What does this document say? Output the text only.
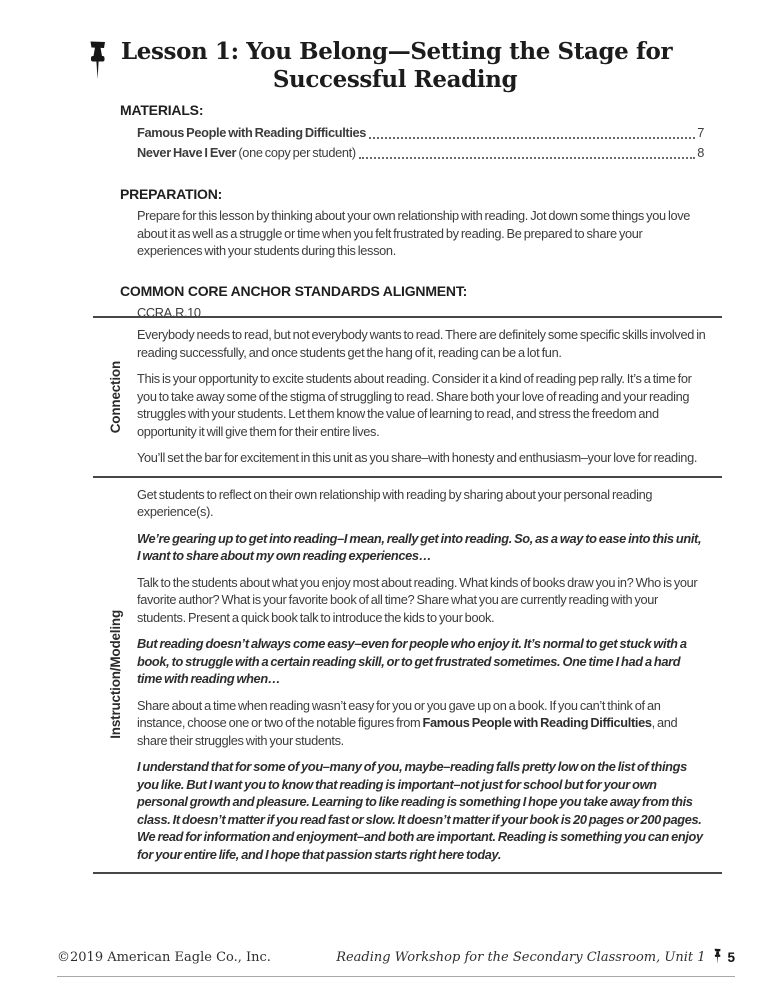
Lesson 1: You Belong—Setting the Stage for
Successful Reading
MATERIALS:
Famous People with Reading Difficulties	7
Never Have I Ever (one copy per student)	8
PREPARATION:

Prepare for this lesson by thinking about your own relationship with reading. Jot down some things you love about it as well as a struggle or time when you felt frustrated by reading. Be prepared to share your experiences with your students during this lesson.

COMMON CORE ANCHOR STANDARDS ALIGNMENT:

CCRA.R.10

Connection

Everybody needs to read, but not everybody wants to read. There are definitely some specific skills involved in reading successfully, and once students get the hang of it, reading can be a lot fun.

This is your opportunity to excite students about reading. Consider it a kind of reading pep rally. It’s a time for you to take away some of the stigma of struggling to read. Share both your love of reading and your reading struggles with your students. Let them know the value of learning to read, and stress the freedom and opportunity it will give them for their entire lives.

You’ll set the bar for excitement in this unit as you share–with honesty and enthusiasm–your love for reading.

Instruction/Modeling

Get students to reflect on their own relationship with reading by sharing about your personal reading experience(s).

We’re gearing up to get into reading–I mean, really get into reading. So, as a way to ease into this unit, I want to share about my own reading experiences…

Talk to the students about what you enjoy most about reading. What kinds of books draw you in? Who is your favorite author? What is your favorite book of all time? Share what you are currently reading with your students. Present a quick book talk to introduce the kids to your book.

But reading doesn’t always come easy–even for people who enjoy it. It’s normal to get stuck with a book, to struggle with a certain reading skill, or to get frustrated sometimes. One time I had a hard time with reading when…

Share about a time when reading wasn’t easy for you or you gave up on a book. If you can’t think of an instance, choose one or two of the notable figures from Famous People with Reading Difficulties, and share their struggles with your students.

I understand that for some of you–many of you, maybe–reading falls pretty low on the list of things you like. But I want you to know that reading is important–not just for school but for your own personal growth and pleasure. Learning to like reading is something I hope you take away from this class. It doesn’t matter if you read fast or slow. It doesn’t matter if your book is 20 pages or 200 pages. We read for information and enjoyment–and both are important. Reading is something you can enjoy for your entire life, and I hope that passion starts right here today.

©2019 American Eagle Co., Inc.	Reading Workshop for the Secondary Classroom, Unit 1 5
